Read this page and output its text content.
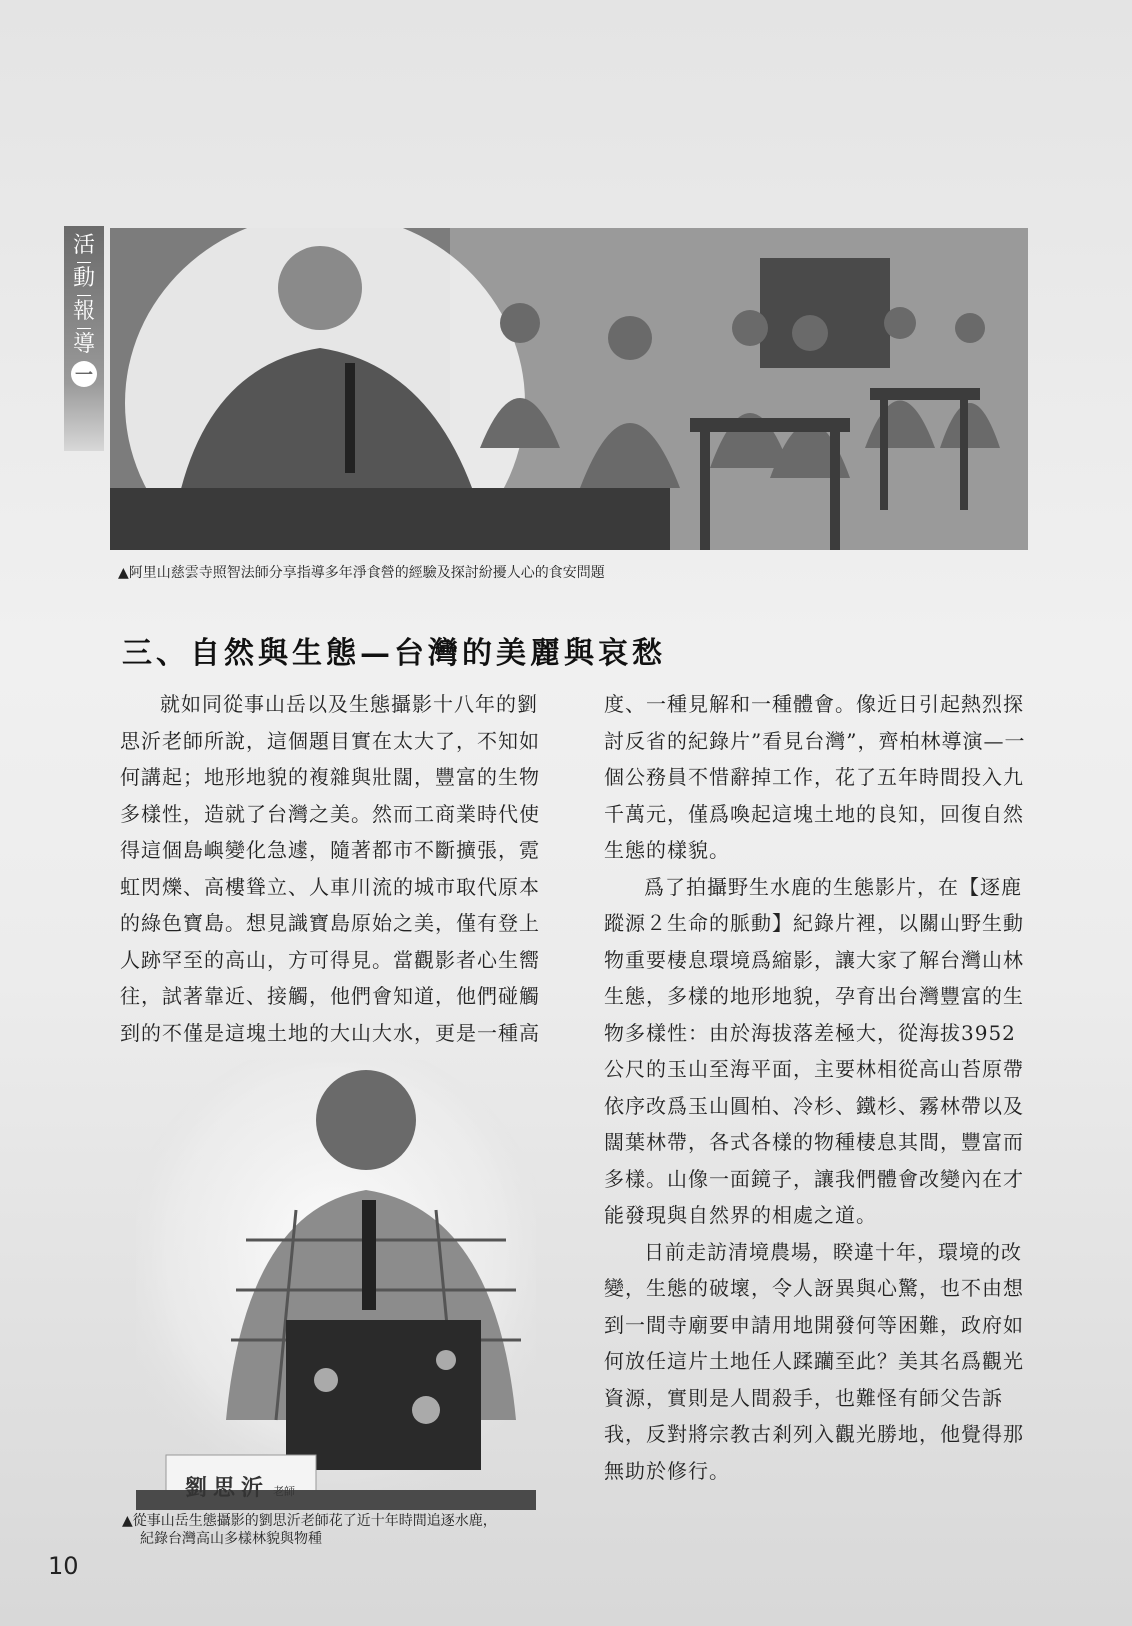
活
動
報
導
一
▲阿里山慈雲寺照智法師分享指導多年淨食營的經驗及探討紛擾人心的食安問題
三、自然與生態—台灣的美麗與哀愁

就如同從事山岳以及生態攝影十八年的劉思沂老師所說，這個題目實在太大了，不知如何講起；地形地貌的複雜與壯闊，豐富的生物多樣性，造就了台灣之美。然而工商業時代使得這個島嶼變化急遽，隨著都市不斷擴張，霓虹閃爍、高樓聳立、人車川流的城市取代原本的綠色寶島。想見識寶島原始之美，僅有登上人跡罕至的高山，方可得見。當觀影者心生嚮往，試著靠近、接觸，他們會知道，他們碰觸到的不僅是這塊土地的大山大水，更是一種高

度、一種見解和一種體會。像近日引起熱烈探討反省的紀錄片”看見台灣”，齊柏林導演—一個公務員不惜辭掉工作，花了五年時間投入九千萬元，僅爲喚起這塊土地的良知，回復自然生態的樣貌。

爲了拍攝野生水鹿的生態影片，在【逐鹿蹤源２生命的脈動】紀錄片裡，以關山野生動物重要棲息環境爲縮影，讓大家了解台灣山林生態，多樣的地形地貌，孕育出台灣豐富的生物多樣性：由於海拔落差極大，從海拔3952公尺的玉山至海平面，主要林相從高山苔原帶依序改爲玉山圓柏、冷杉、鐵杉、霧林帶以及闊葉林帶，各式各樣的物種棲息其間，豐富而多樣。山像一面鏡子，讓我們體會改變內在才能發現與自然界的相處之道。

日前走訪清境農場，睽違十年，環境的改變，生態的破壞，令人訝異與心驚，也不由想到一間寺廟要申請用地開發何等困難，政府如何放任這片土地任人蹂躪至此？美其名爲觀光資源，實則是人間殺手，也難怪有師父告訴我，反對將宗教古剎列入觀光勝地，他覺得那無助於修行。

劉思沂 老師
▲從事山岳生態攝影的劉思沂老師花了近十年時間追逐水鹿，
紀錄台灣高山多樣林貌與物種
10
